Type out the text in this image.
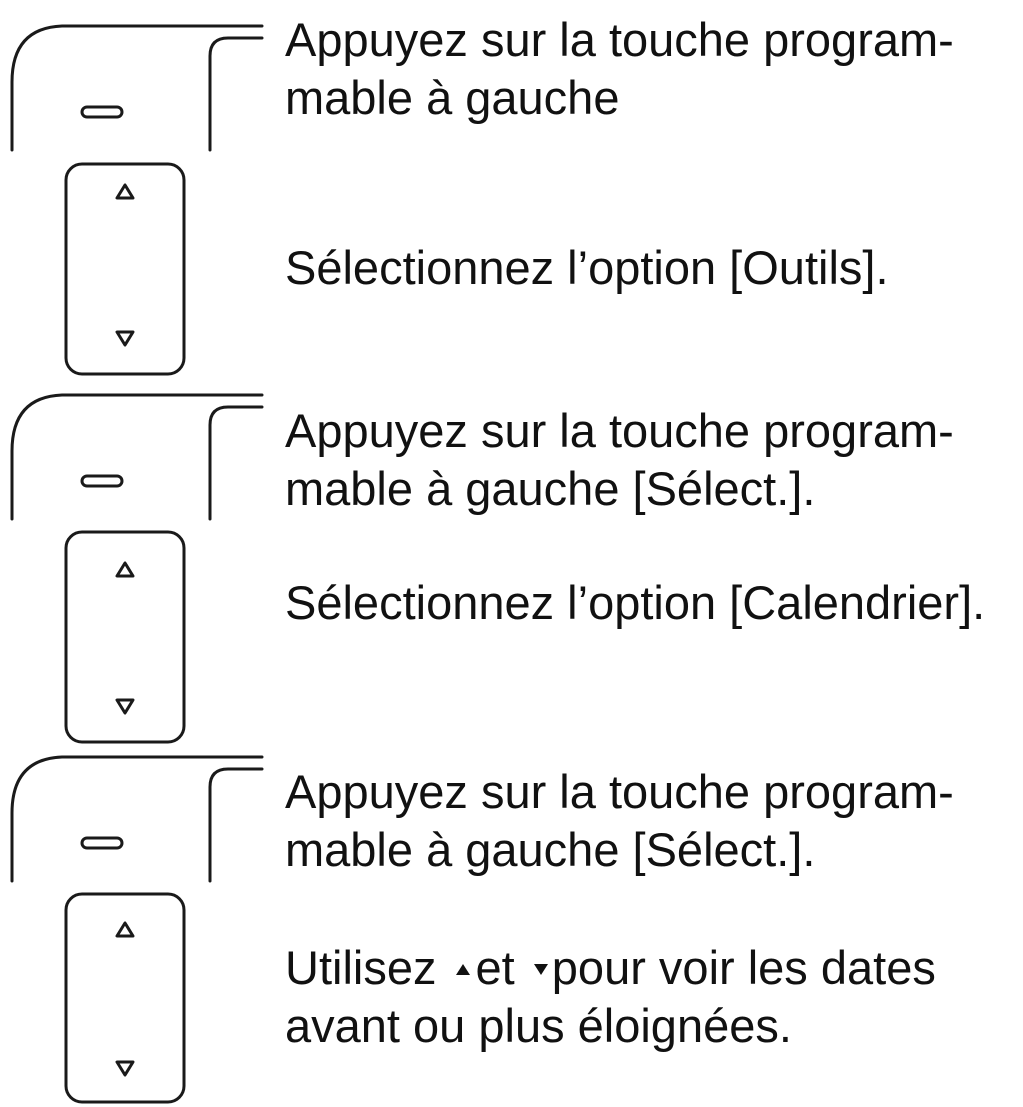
Appuyez sur la touche program-
mable à gauche

Sélectionnez l’option [Outils].

Appuyez sur la touche program-
mable à gauche [Sélect.].

Sélectionnez l’option [Calendrier].

Appuyez sur la touche program-
mable à gauche [Sélect.].

Utilisez et pour voir les dates
avant ou plus éloignées.
